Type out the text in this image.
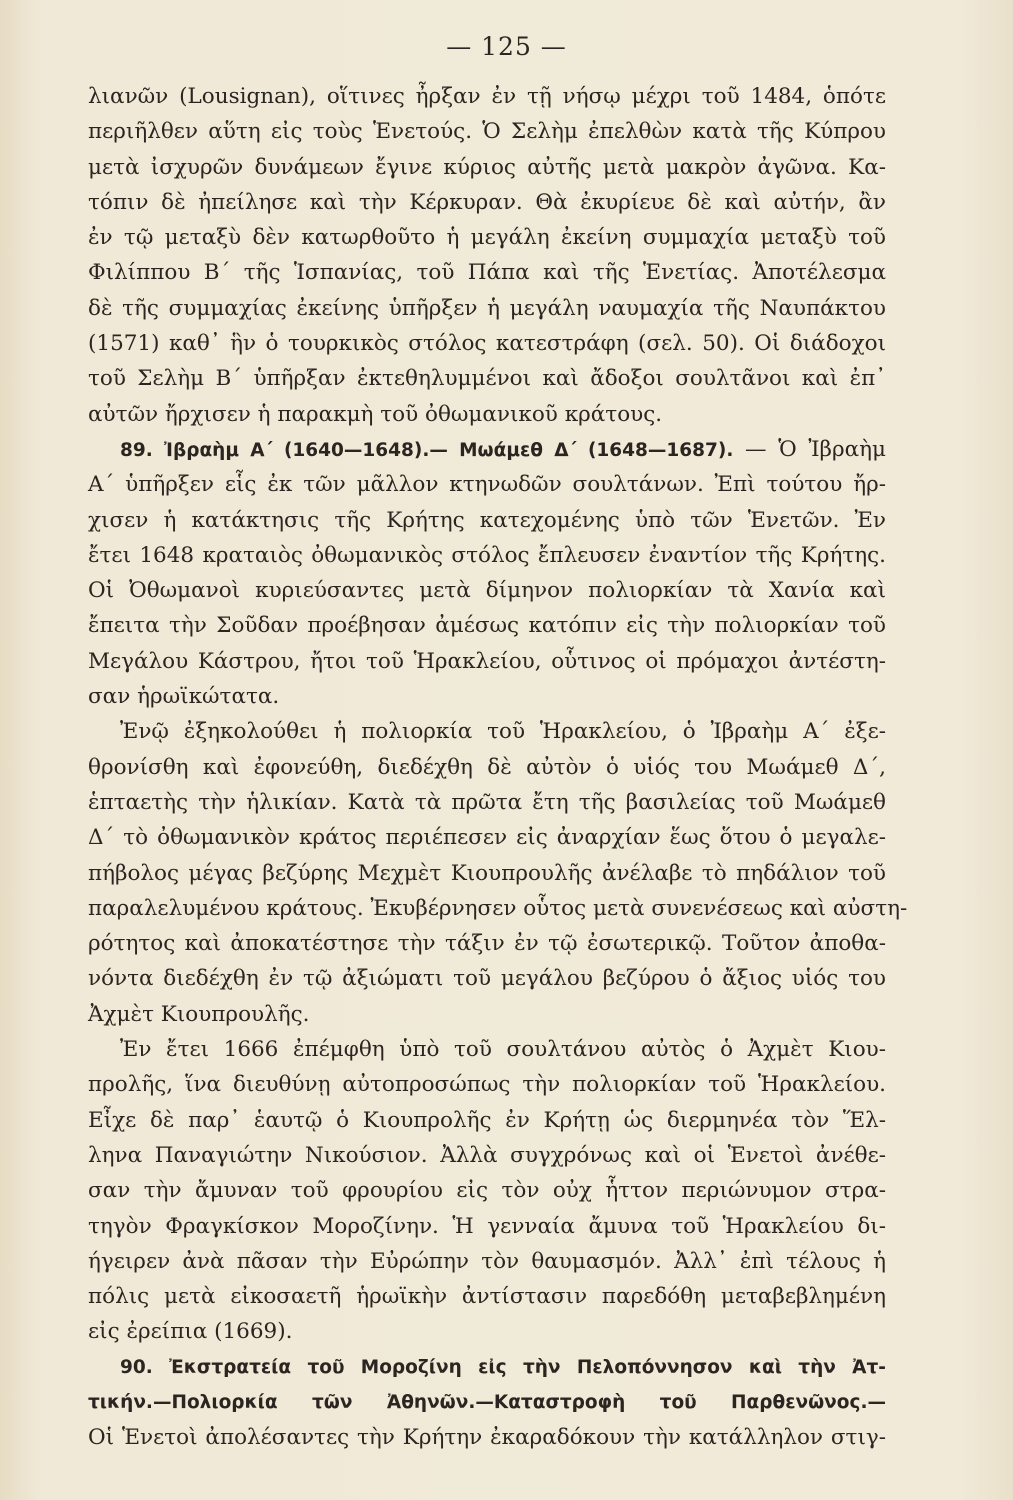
— 125 —
λιανῶν (Lousignan), οἵτινες ἦρξαν ἐν τῇ νήσῳ μέχρι τοῦ 1484, ὁπότε
περιῆλθεν αὕτη εἰς τοὺς Ἑνετούς. Ὁ Σελὴμ ἐπελθὼν κατὰ τῆς Κύπρου
μετὰ ἰσχυρῶν δυνάμεων ἔγινε κύριος αὐτῆς μετὰ μακρὸν ἀγῶνα. Κα-
τόπιν δὲ ἠπείλησε καὶ τὴν Κέρκυραν. Θὰ ἐκυρίευε δὲ καὶ αὐτήν, ἂν
ἐν τῷ μεταξὺ δὲν κατωρθοῦτο ἡ μεγάλη ἐκείνη συμμαχία μεταξὺ τοῦ
Φιλίππου Β΄ τῆς Ἱσπανίας, τοῦ Πάπα καὶ τῆς Ἑνετίας. Ἀποτέλεσμα
δὲ τῆς συμμαχίας ἐκείνης ὑπῆρξεν ἡ μεγάλη ναυμαχία τῆς Ναυπάκτου
(1571) καθ᾽ ἣν ὁ τουρκικὸς στόλος κατεστράφη (σελ. 50). Οἱ διάδοχοι
τοῦ Σελὴμ Β΄ ὑπῆρξαν ἐκτεθηλυμμένοι καὶ ἄδοξοι σουλτᾶνοι καὶ ἐπ᾽
αὐτῶν ἤρχισεν ἡ παρακμὴ τοῦ ὀθωμανικοῦ κράτους.
89. Ἰβραὴμ Α΄ (1640—1648).— Μωάμεθ Δ΄ (1648—1687). — Ὁ Ἰβραὴμ
Α΄ ὑπῆρξεν εἷς ἐκ τῶν μᾶλλον κτηνωδῶν σουλτάνων. Ἐπὶ τούτου ἤρ-
χισεν ἡ κατάκτησις τῆς Κρήτης κατεχομένης ὑπὸ τῶν Ἑνετῶν. Ἐν
ἔτει 1648 κραταιὸς ὀθωμανικὸς στόλος ἔπλευσεν ἐναντίον τῆς Κρήτης.
Οἱ Ὀθωμανοὶ κυριεύσαντες μετὰ δίμηνον πολιορκίαν τὰ Χανία καὶ
ἔπειτα τὴν Σοῦδαν προέβησαν ἀμέσως κατόπιν εἰς τὴν πολιορκίαν τοῦ
Μεγάλου Κάστρου, ἤτοι τοῦ Ἡρακλείου, οὗτινος οἱ πρόμαχοι ἀντέστη-
σαν ἡρωϊκώτατα.
Ἐνῷ ἐξηκολούθει ἡ πολιορκία τοῦ Ἡρακλείου, ὁ Ἰβραὴμ Α΄ ἐξε-
θρονίσθη καὶ ἐφονεύθη, διεδέχθη δὲ αὐτὸν ὁ υἱός του Μωάμεθ Δ΄,
ἑπταετὴς τὴν ἡλικίαν. Κατὰ τὰ πρῶτα ἔτη τῆς βασιλείας τοῦ Μωάμεθ
Δ΄ τὸ ὀθωμανικὸν κράτος περιέπεσεν εἰς ἀναρχίαν ἕως ὅτου ὁ μεγαλε-
πήβολος μέγας βεζύρης Μεχμὲτ Κιουπρουλῆς ἀνέλαβε τὸ πηδάλιον τοῦ
παραλελυμένου κράτους. Ἐκυβέρνησεν οὗτος μετὰ συνενέσεως καὶ αὐστη-
ρότητος καὶ ἀποκατέστησε τὴν τάξιν ἐν τῷ ἐσωτερικῷ. Τοῦτον ἀποθα-
νόντα διεδέχθη ἐν τῷ ἀξιώματι τοῦ μεγάλου βεζύρου ὁ ἄξιος υἱός του
Ἀχμὲτ Κιουπρουλῆς.
Ἐν ἔτει 1666 ἐπέμφθη ὑπὸ τοῦ σουλτάνου αὐτὸς ὁ Ἀχμὲτ Κιου-
προλῆς, ἵνα διευθύνῃ αὐτοπροσώπως τὴν πολιορκίαν τοῦ Ἡρακλείου.
Εἶχε δὲ παρ᾽ ἑαυτῷ ὁ Κιουπρολῆς ἐν Κρήτῃ ὡς διερμηνέα τὸν Ἕλ-
ληνα Παναγιώτην Νικούσιον. Ἀλλὰ συγχρόνως καὶ οἱ Ἑνετοὶ ἀνέθε-
σαν τὴν ἄμυναν τοῦ φρουρίου εἰς τὸν οὐχ ἧττον περιώνυμον στρα-
τηγὸν Φραγκίσκον Μοροζίνην. Ἡ γενναία ἄμυνα τοῦ Ἡρακλείου δι-
ήγειρεν ἀνὰ πᾶσαν τὴν Εὐρώπην τὸν θαυμασμόν. Ἀλλ᾽ ἐπὶ τέλους ἡ
πόλις μετὰ εἰκοσαετῆ ἡρωϊκὴν ἀντίστασιν παρεδόθη μεταβεβλημένη
εἰς ἐρείπια (1669).
90. Ἐκστρατεία τοῦ Μοροζίνη εἰς τὴν Πελοπόννησον καὶ τὴν Ἀτ-
τικήν.—Πολιορκία τῶν Ἀθηνῶν.—Καταστροφὴ τοῦ Παρθενῶνος.—
Οἱ Ἑνετοὶ ἀπολέσαντες τὴν Κρήτην ἐκαραδόκουν τὴν κατάλληλον στιγ-
